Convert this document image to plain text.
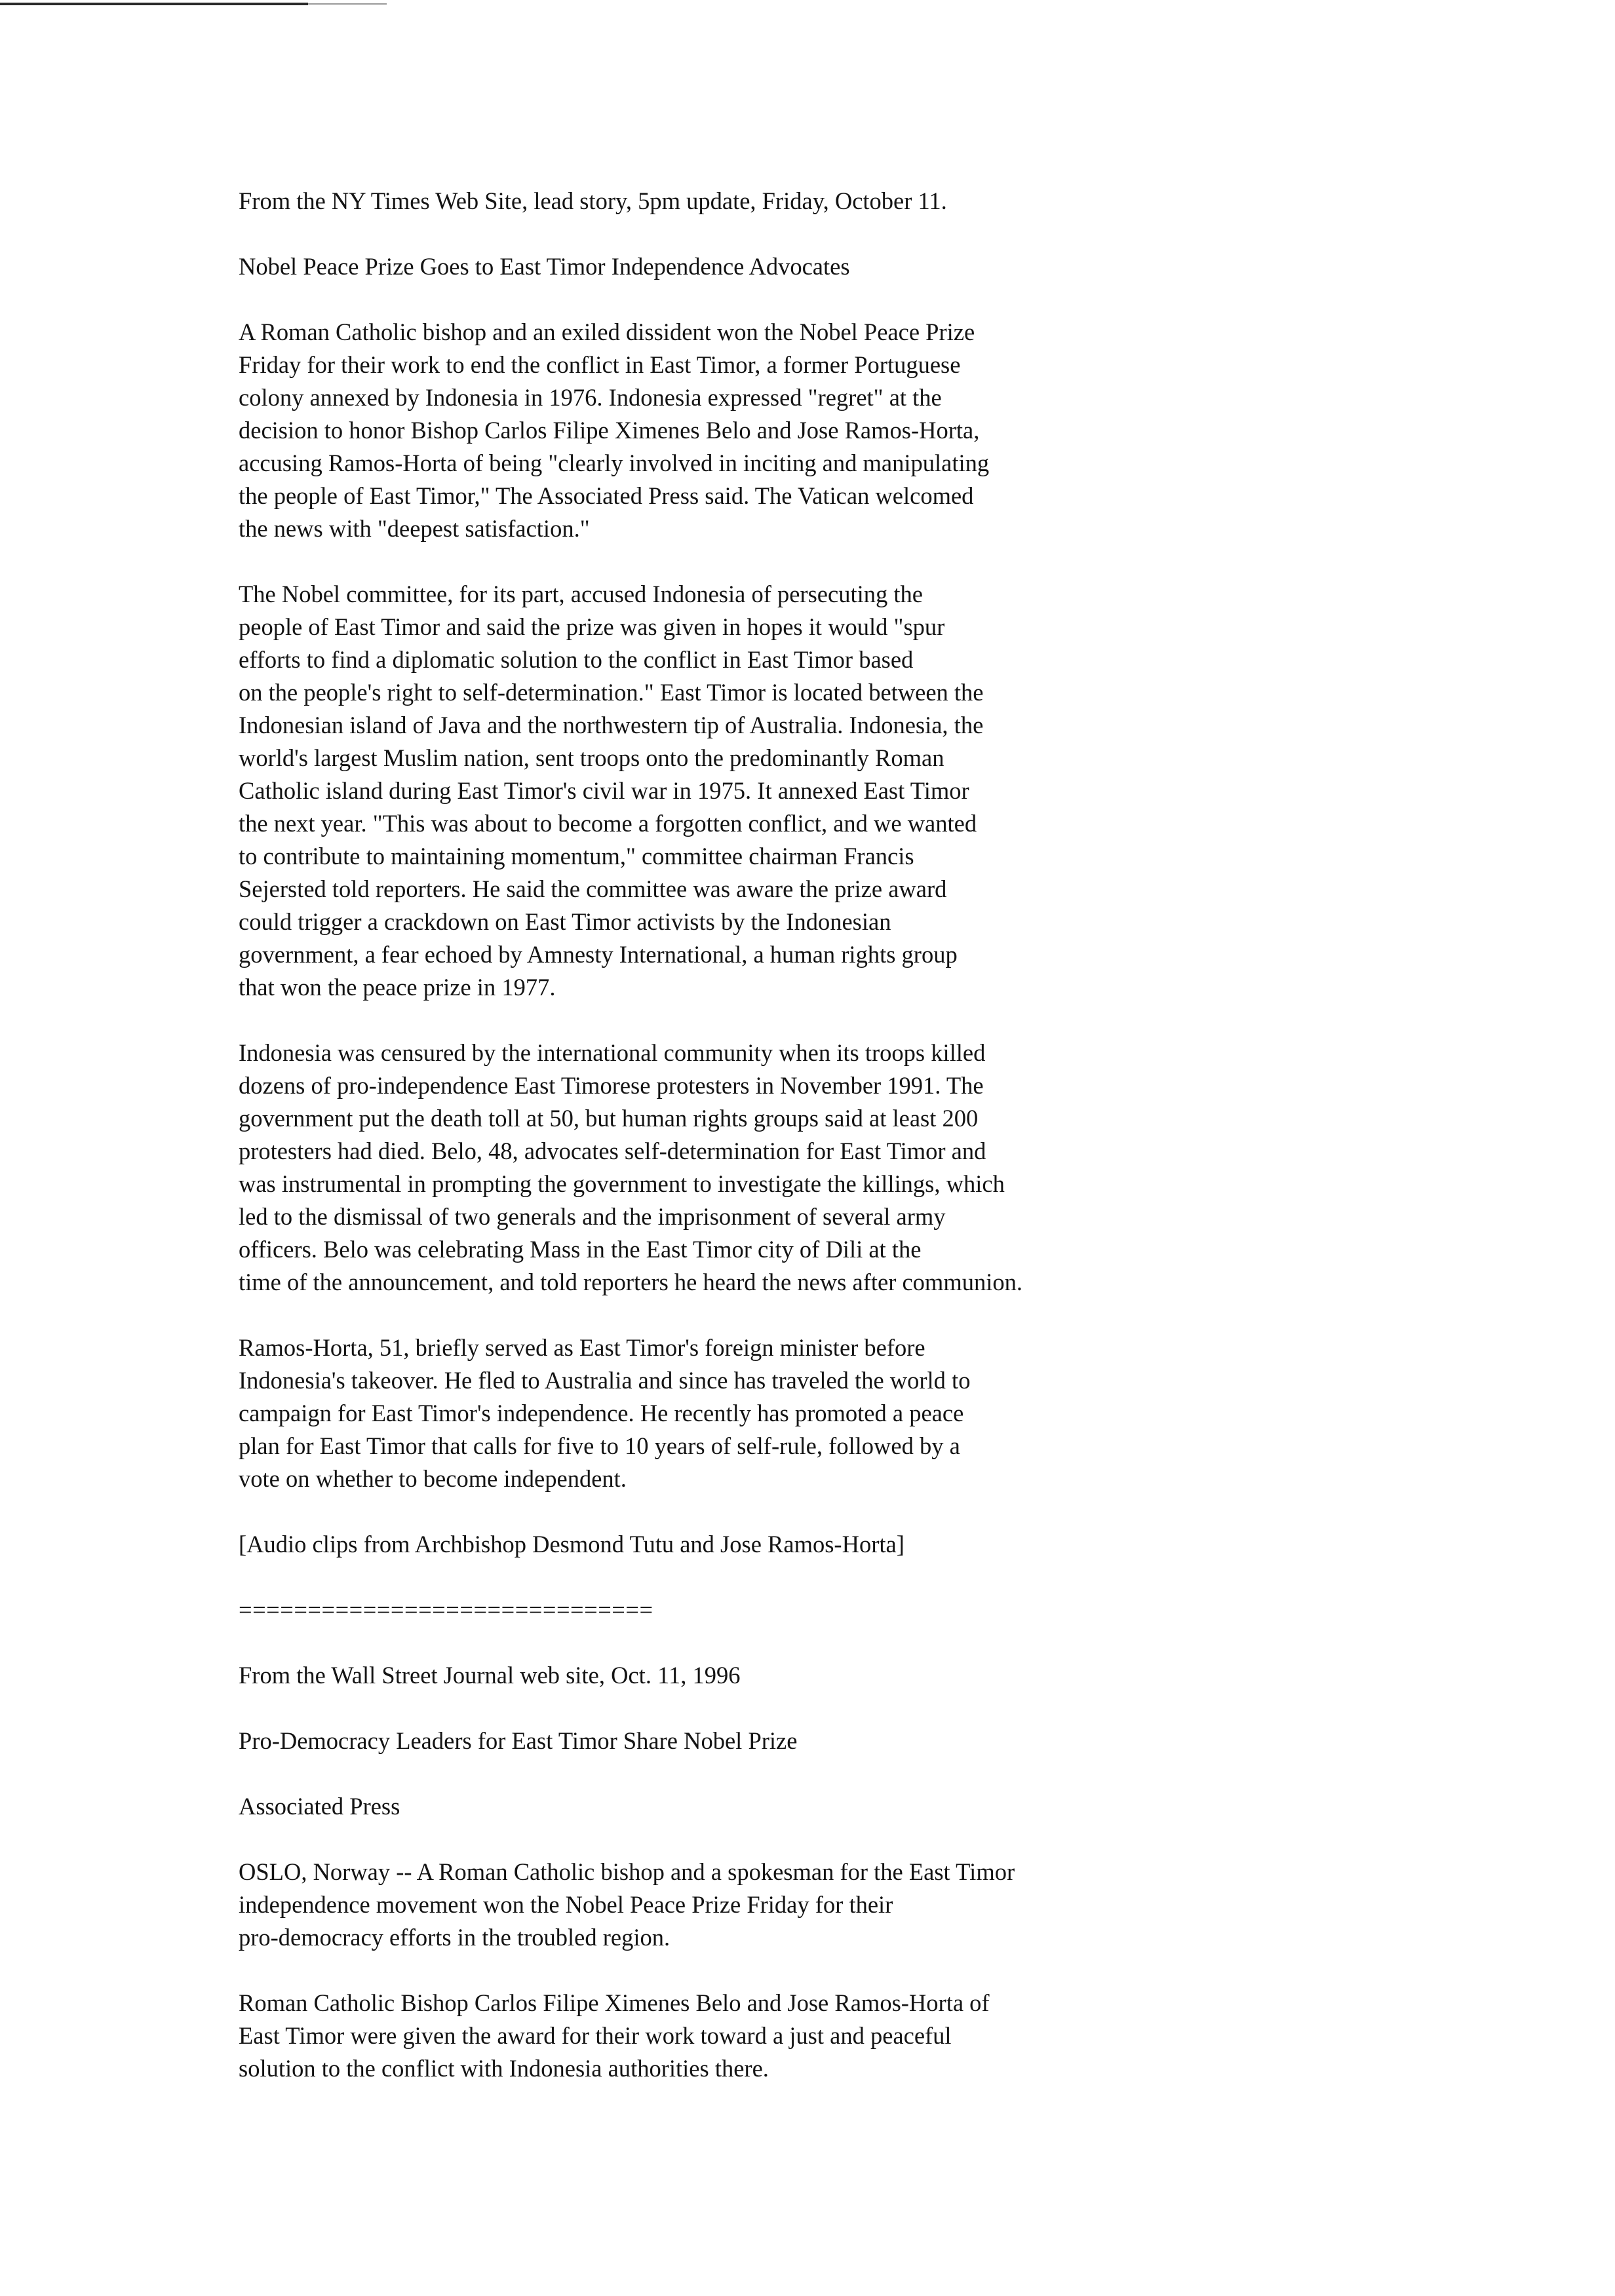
From the NY Times Web Site, lead story, 5pm update, Friday, October 11.

Nobel Peace Prize Goes to East Timor Independence Advocates

A Roman Catholic bishop and an exiled dissident won the Nobel Peace Prize
Friday for their work to end the conflict in East Timor, a former Portuguese
colony annexed by Indonesia in 1976. Indonesia expressed "regret" at the
decision to honor Bishop Carlos Filipe Ximenes Belo and Jose Ramos-Horta,
accusing Ramos-Horta of being "clearly involved in inciting and manipulating
the people of East Timor," The Associated Press said. The Vatican welcomed
the news with "deepest satisfaction."

The Nobel committee, for its part, accused Indonesia of persecuting the
people of East Timor and said the prize was given in hopes it would "spur
efforts to find a diplomatic solution to the conflict in East Timor based
on the people's right to self-determination." East Timor is located between the
Indonesian island of Java and the northwestern tip of Australia. Indonesia, the
world's largest Muslim nation, sent troops onto the predominantly Roman
Catholic island during East Timor's civil war in 1975. It annexed East Timor
the next year. "This was about to become a forgotten conflict, and we wanted
to contribute to maintaining momentum," committee chairman Francis
Sejersted told reporters. He said the committee was aware the prize award
could trigger a crackdown on East Timor activists by the Indonesian
government, a fear echoed by Amnesty International, a human rights group
that won the peace prize in 1977.

Indonesia was censured by the international community when its troops killed
dozens of pro-independence East Timorese protesters in November 1991. The
government put the death toll at 50, but human rights groups said at least 200
protesters had died. Belo, 48, advocates self-determination for East Timor and
was instrumental in prompting the government to investigate the killings, which
led to the dismissal of two generals and the imprisonment of several army
officers. Belo was celebrating Mass in the East Timor city of Dili at the
time of the announcement, and told reporters he heard the news after communion.

Ramos-Horta, 51, briefly served as East Timor's foreign minister before
Indonesia's takeover. He fled to Australia and since has traveled the world to
campaign for East Timor's independence. He recently has promoted a peace
plan for East Timor that calls for five to 10 years of self-rule, followed by a
vote on whether to become independent.

[Audio clips from Archbishop Desmond Tutu and Jose Ramos-Horta]

==============================

From the Wall Street Journal web site, Oct. 11, 1996

Pro-Democracy Leaders for East Timor Share Nobel Prize

Associated Press

OSLO, Norway -- A Roman Catholic bishop and a spokesman for the East Timor
independence movement won the Nobel Peace Prize Friday for their
pro-democracy efforts in the troubled region.

Roman Catholic Bishop Carlos Filipe Ximenes Belo and Jose Ramos-Horta of
East Timor were given the award for their work toward a just and peaceful
solution to the conflict with Indonesia authorities there.
